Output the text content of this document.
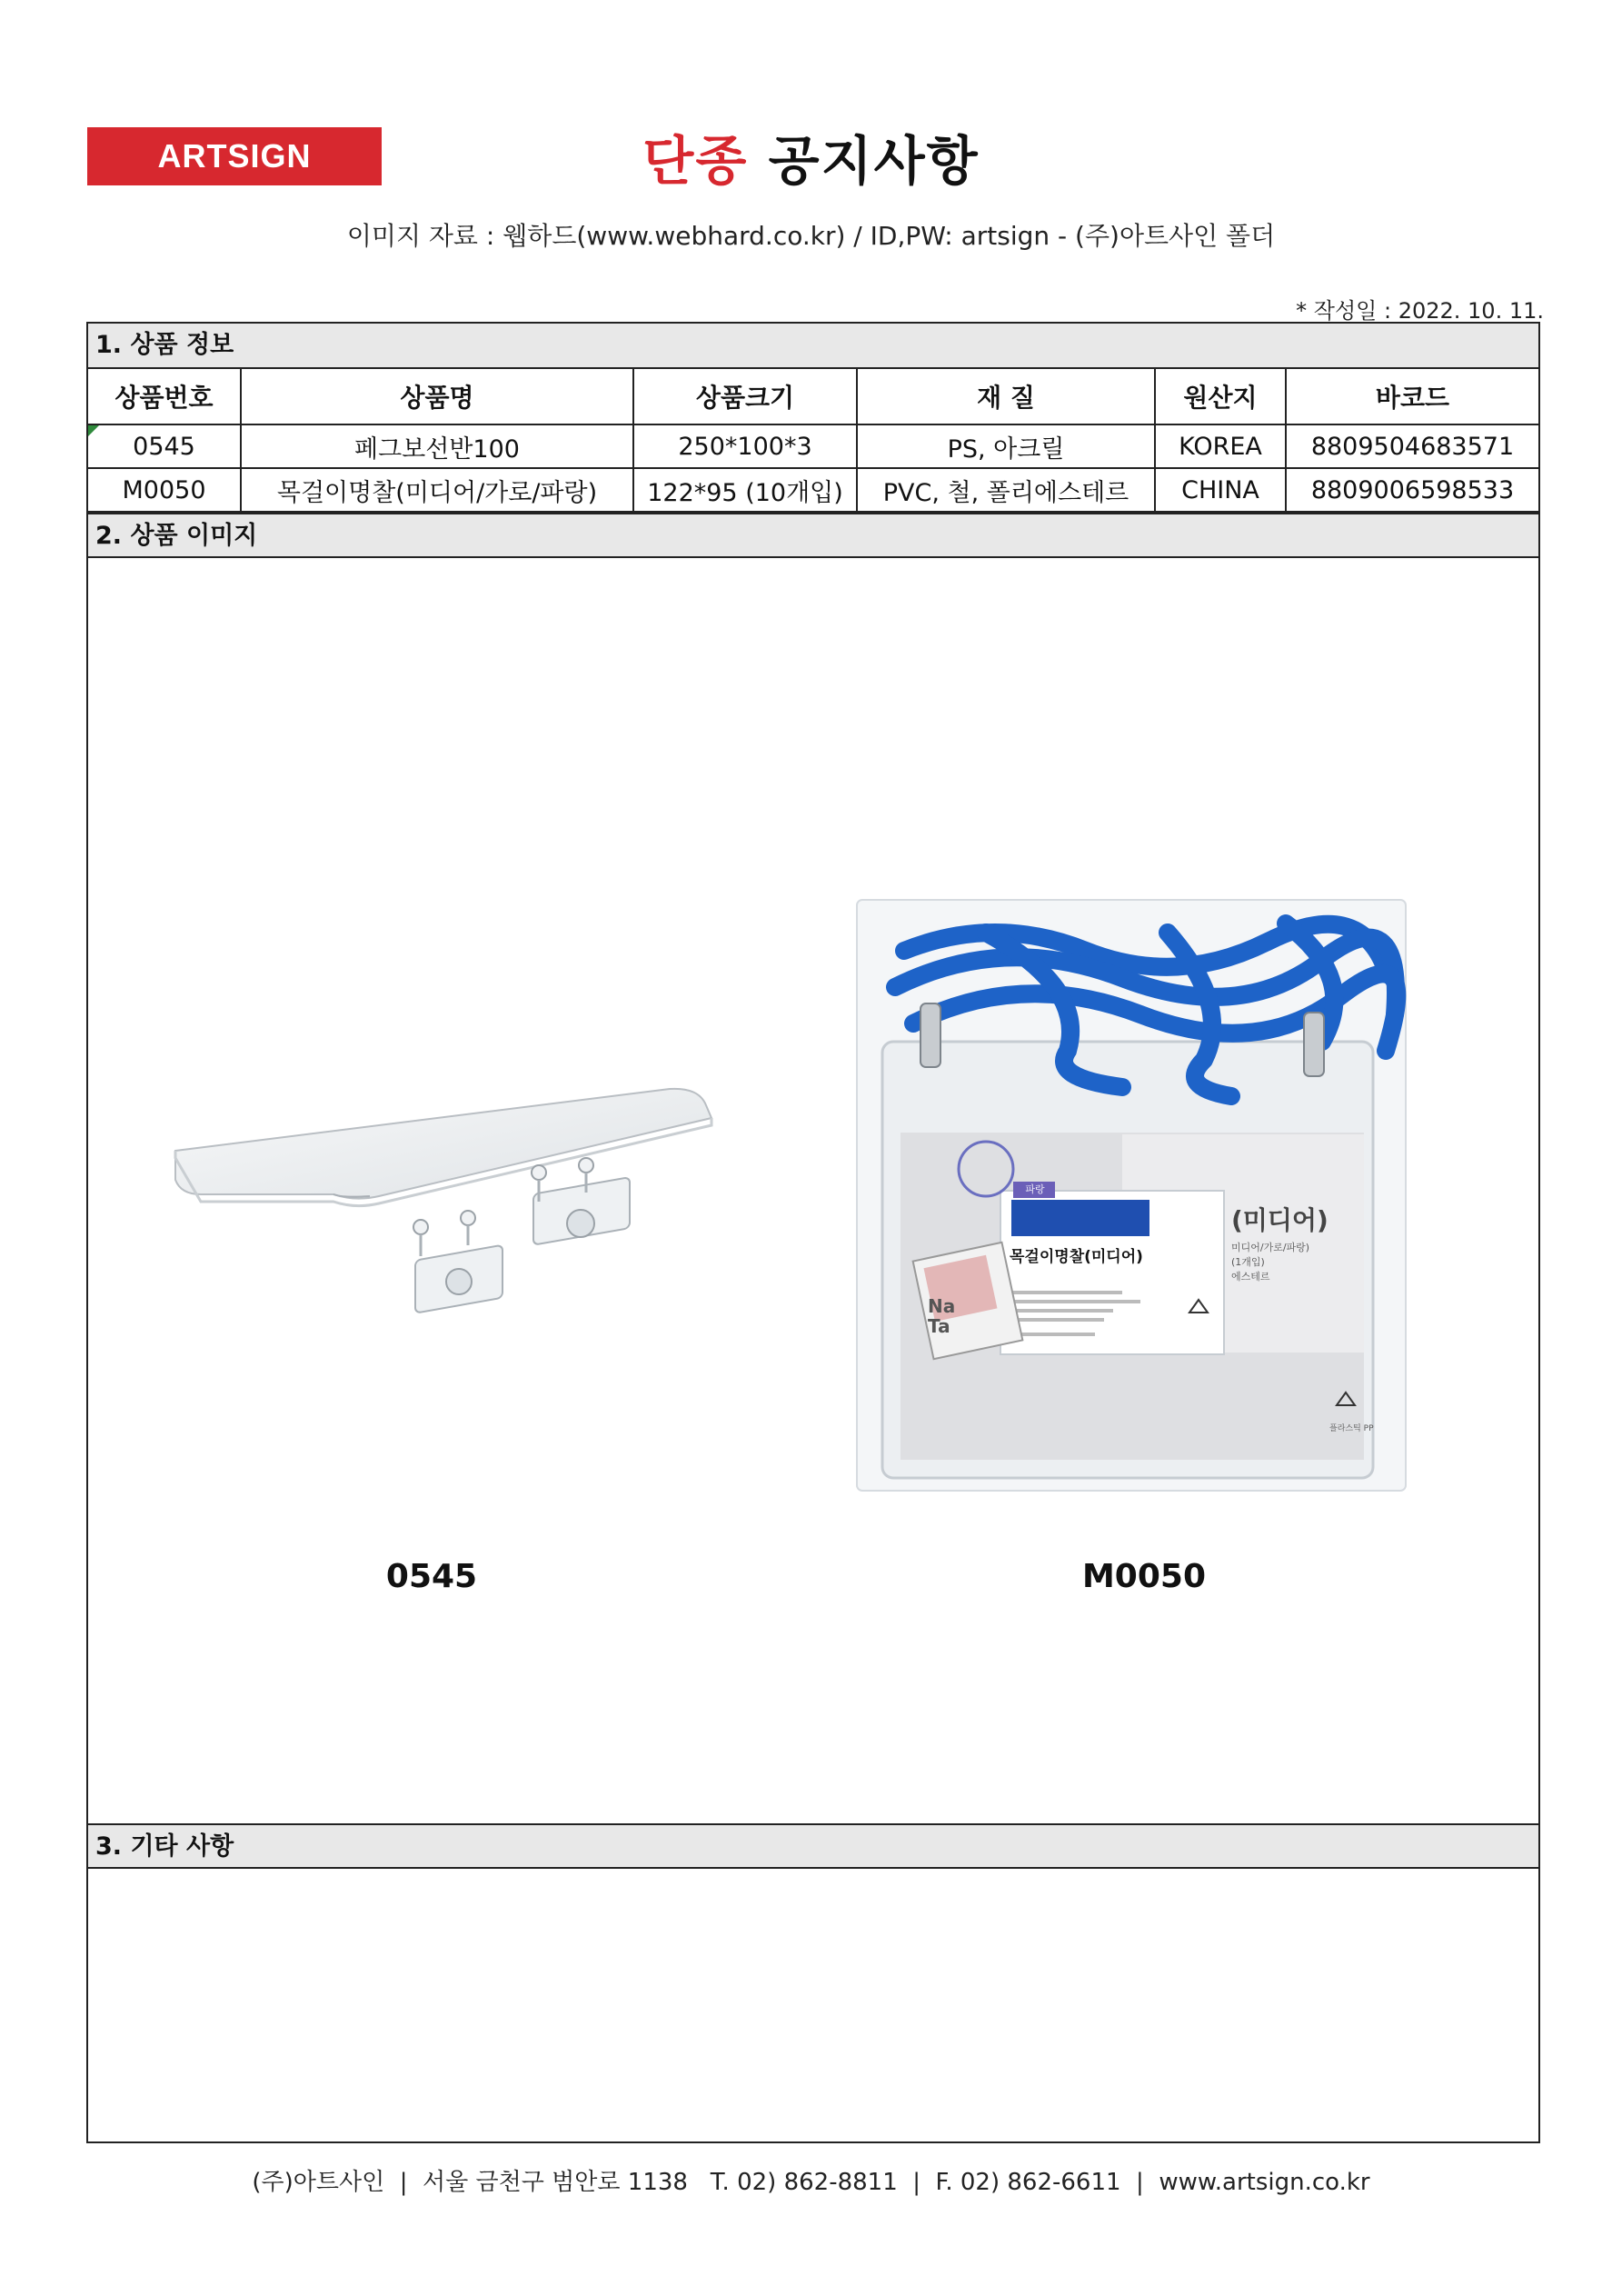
ARTSIGN	단종 공지사항
이미지 자료 : 웹하드(www.webhard.co.kr) / ID,PW: artsign - (주)아트사인 폴더
* 작성일 : 2022. 10. 11.
1. 상품 정보
상품번호	상품명	상품크기	재 질	원산지	바코드

0545	페그보선반100	250*100*3	PS, 아크릴	KOREA	8809504683571
M0050	목걸이명찰(미디어/가로/파랑)	122*95 (10개입)	PVC, 철, 폴리에스테르	CHINA	8809006598533
2. 상품 이미지
파랑
목걸이명찰(미디어)
(미디어)
미디어/가로/파랑)
(1개입)
에스테르
플라스틱 PP
Na Ta
0545	M0050
3. 기타 사항
(주)아트사인  |  서울 금천구 범안로 1138   T. 02) 862-8811  |  F. 02) 862-6611  |  www.artsign.co.kr
